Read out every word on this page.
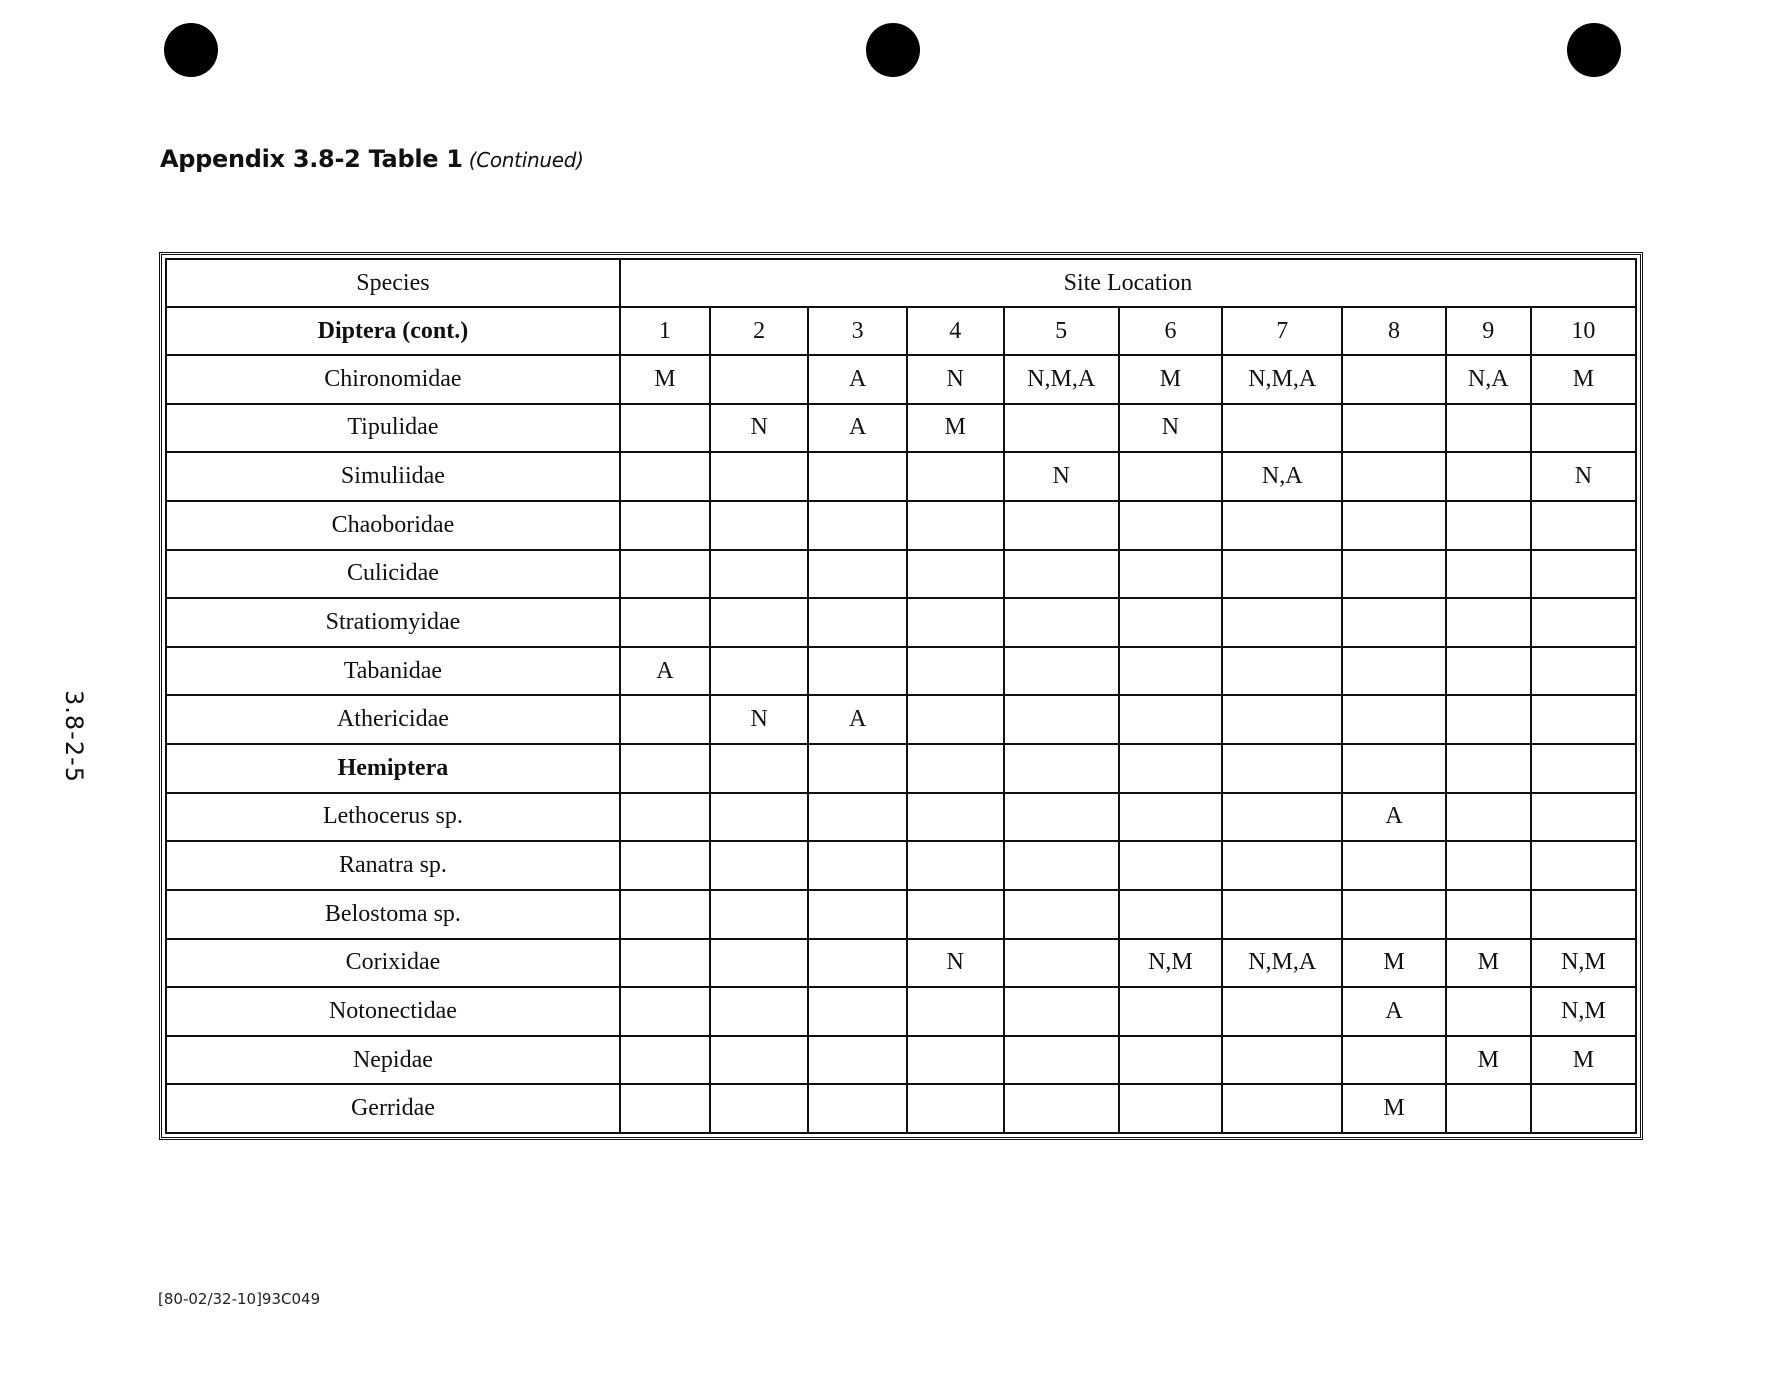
Appendix 3.8-2 Table 1 (Continued)
3.8-2-5
Species	Site Location									
Diptera (cont.)	1	2	3	4	5	6	7	8	9	10
Chironomidae	M		A	N	N,M,A	M	N,M,A		N,A	M
Tipulidae		N	A	M		N				
Simuliidae					N		N,A			N
Chaoboridae										
Culicidae										
Stratiomyidae										
Tabanidae	A									
Athericidae		N	A							
Hemiptera										
Lethocerus sp.								A		
Ranatra sp.										
Belostoma sp.										
Corixidae				N		N,M	N,M,A	M	M	N,M
Notonectidae								A		N,M
Nepidae									M	M
Gerridae								M		
[80-02/32-10]93C049
